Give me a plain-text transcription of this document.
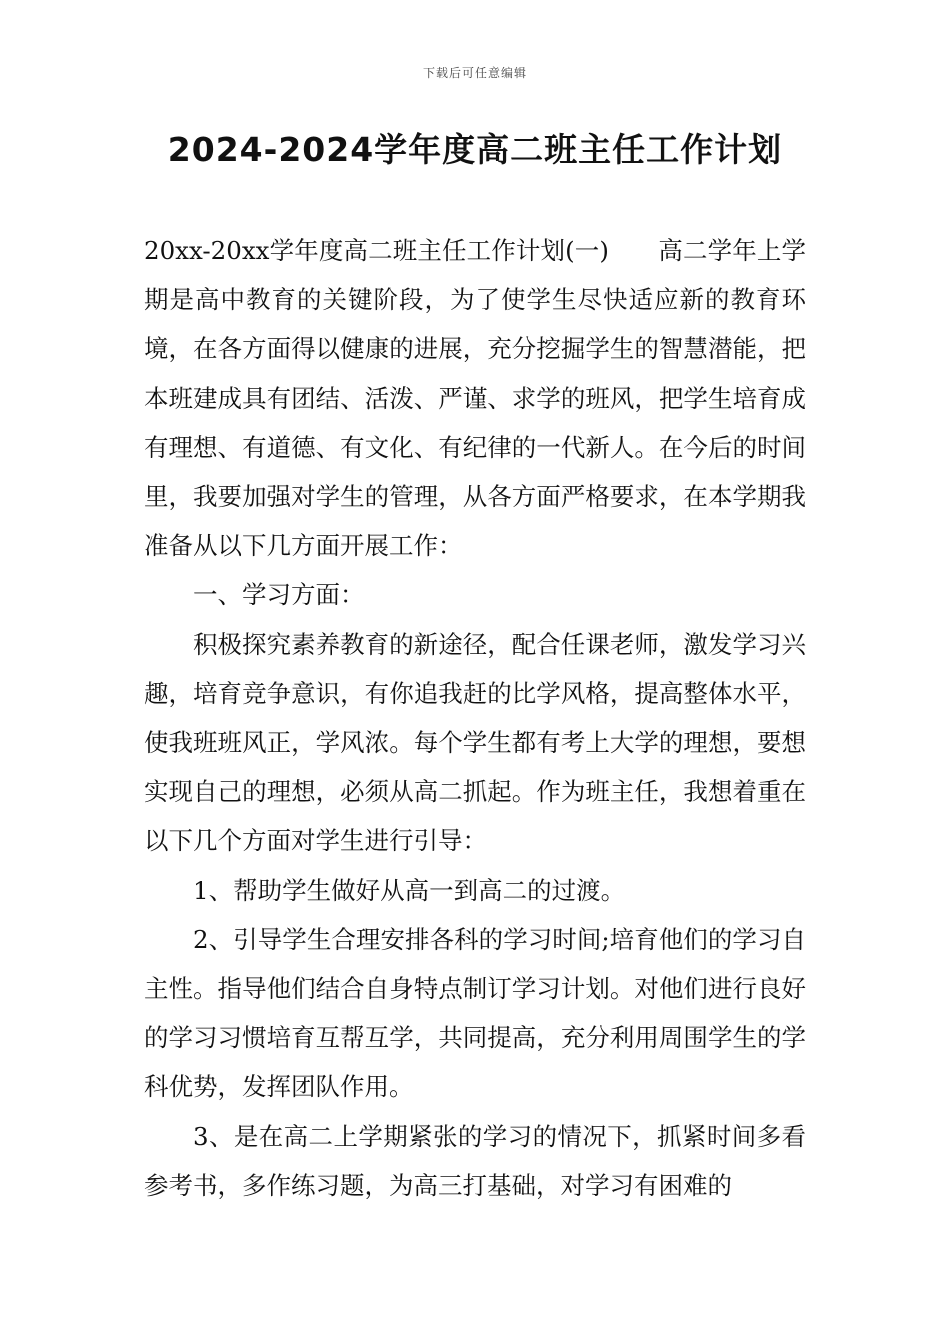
下载后可任意编辑
2024-2024学年度高二班主任工作计划

20xx-20xx学年度高二班主任工作计划(一)　　高二学年上学期是高中教育的关键阶段，为了使学生尽快适应新的教育环境，在各方面得以健康的进展，充分挖掘学生的智慧潜能，把本班建成具有团结、活泼、严谨、求学的班风，把学生培育成有理想、有道德、有文化、有纪律的一代新人。在今后的时间里，我要加强对学生的管理，从各方面严格要求，在本学期我准备从以下几方面开展工作：

一、学习方面：

积极探究素养教育的新途径，配合任课老师，激发学习兴趣，培育竞争意识，有你追我赶的比学风格，提高整体水平，使我班班风正，学风浓。每个学生都有考上大学的理想，要想实现自己的理想，必须从高二抓起。作为班主任，我想着重在以下几个方面对学生进行引导：

1、帮助学生做好从高一到高二的过渡。

2、引导学生合理安排各科的学习时间;培育他们的学习自主性。指导他们结合自身特点制订学习计划。对他们进行良好的学习习惯培育互帮互学，共同提高，充分利用周围学生的学科优势，发挥团队作用。

3、是在高二上学期紧张的学习的情况下，抓紧时间多看参考书，多作练习题，为高三打基础，对学习有困难的
